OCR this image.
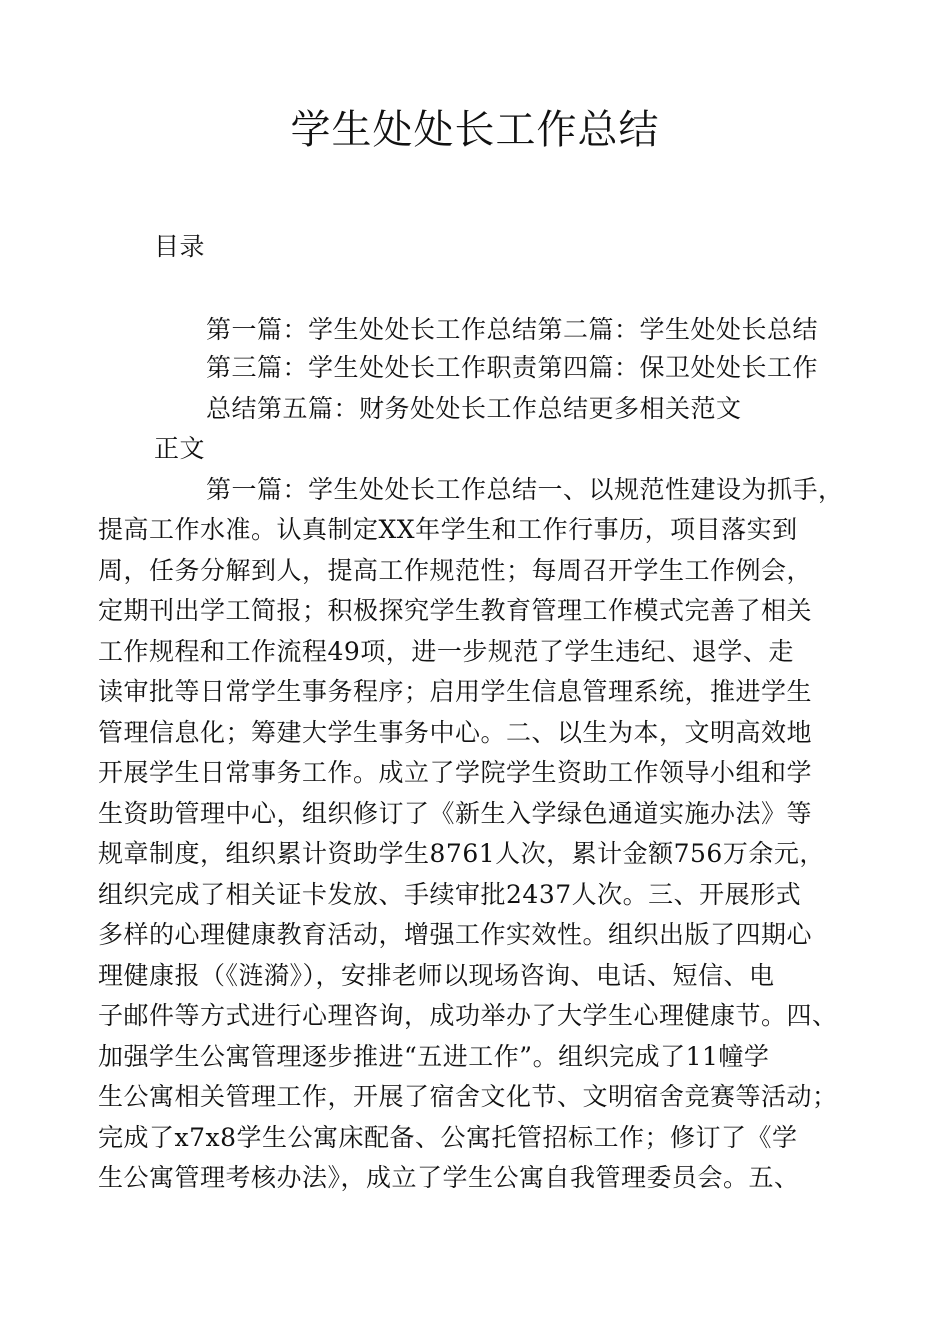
学生处处长工作总结
目录
第一篇：学生处处长工作总结第二篇：学生处处长总结
第三篇：学生处处长工作职责第四篇：保卫处处长工作
总结第五篇：财务处处长工作总结更多相关范文
正文
第一篇：学生处处长工作总结一、以规范性建设为抓手，
提高工作水准。认真制定XX年学生和工作行事历，项目落实到
周，任务分解到人，提高工作规范性；每周召开学生工作例会，
定期刊出学工简报；积极探究学生教育管理工作模式完善了相关
工作规程和工作流程49项，进一步规范了学生违纪、退学、走
读审批等日常学生事务程序；启用学生信息管理系统，推进学生
管理信息化；筹建大学生事务中心。二、以生为本，文明高效地
开展学生日常事务工作。成立了学院学生资助工作领导小组和学
生资助管理中心，组织修订了《新生入学绿色通道实施办法》等
规章制度，组织累计资助学生8761人次，累计金额756万余元，
组织完成了相关证卡发放、手续审批2437人次。三、开展形式
多样的心理健康教育活动，增强工作实效性。组织出版了四期心
理健康报（《涟漪》），安排老师以现场咨询、电话、短信、电
子邮件等方式进行心理咨询，成功举办了大学生心理健康节。四、
加强学生公寓管理逐步推进“五进工作”。组织完成了11幢学
生公寓相关管理工作，开展了宿舍文化节、文明宿舍竞赛等活动；
完成了x7x8学生公寓床配备、公寓托管招标工作；修订了《学
生公寓管理考核办法》，成立了学生公寓自我管理委员会。五、
